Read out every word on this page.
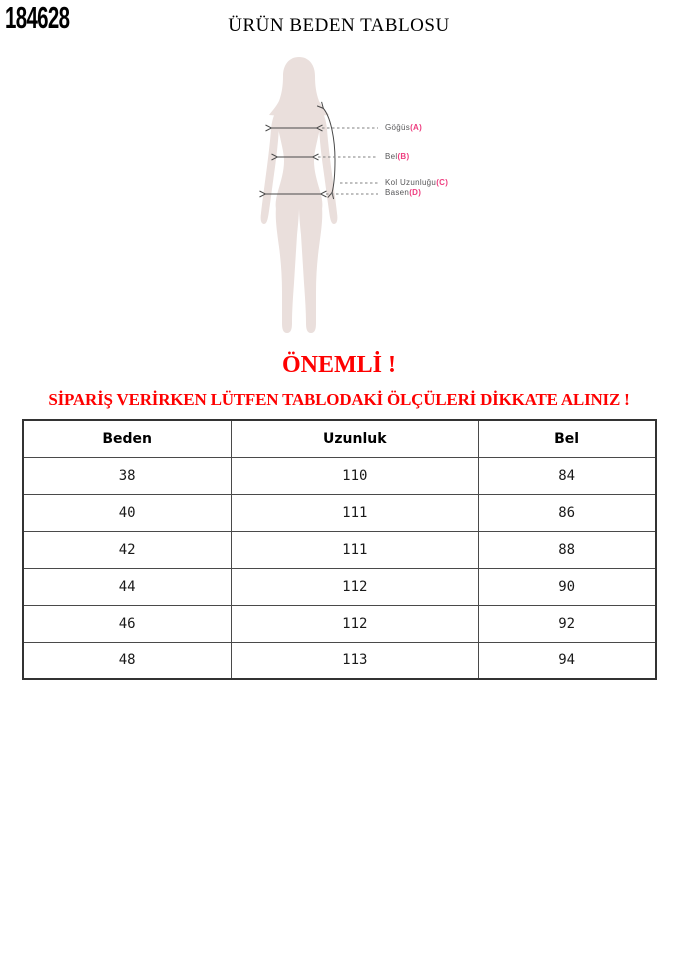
184628	ÜRÜN BEDEN TABLOSU
Göğüs(A)
Bel(B)
Kol Uzunluğu(C)
Basen(D)
ÖNEMLİ !
SİPARİŞ VERİRKEN LÜTFEN TABLODAKİ ÖLÇÜLERİ DİKKATE ALINIZ !
Beden	Uzunluk	Bel
38	110	84
40	111	86
42	111	88
44	112	90
46	112	92
48	113	94
